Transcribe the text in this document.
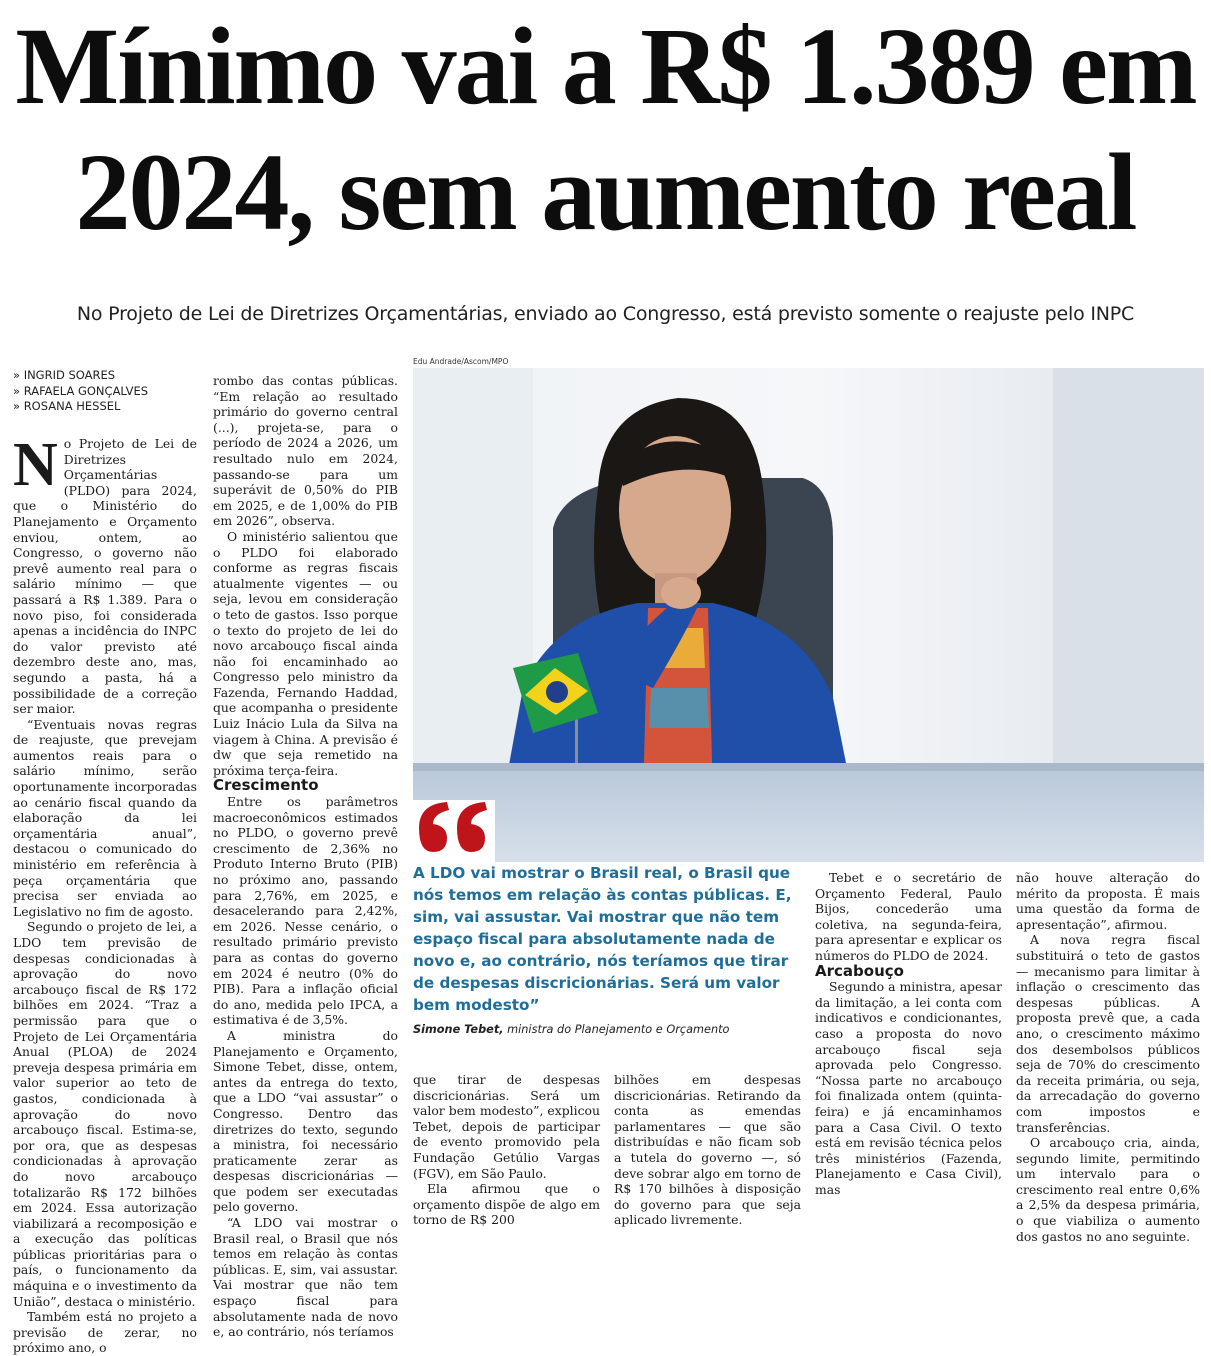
Mínimo vai a R$ 1.389 em
2024, sem aumento real
No Projeto de Lei de Diretrizes Orçamentárias, enviado ao Congresso, está previsto somente o reajuste pelo INPC
» INGRID SOARES
» RAFAELA GONÇALVES
» ROSANA HESSEL

No Projeto de Lei de Diretrizes Orçamentárias (PLDO) para 2024, que o Ministério do Planejamento e Orçamento enviou, ontem, ao Congresso, o governo não prevê aumento real para o salário mínimo — que passará a R$ 1.389. Para o novo piso, foi considerada apenas a incidência do INPC do valor previsto até dezembro deste ano, mas, segundo a pasta, há a possibilidade de a correção ser maior.

“Eventuais novas regras de reajuste, que prevejam aumentos reais para o salário mínimo, serão oportunamente incorporadas ao cenário fiscal quando da elaboração da lei orçamentária anual”, destacou o comunicado do ministério em referência à peça orçamentária que precisa ser enviada ao Legislativo no fim de agosto.

Segundo o projeto de lei, a LDO tem previsão de despesas condicionadas à aprovação do novo arcabouço fiscal de R$ 172 bilhões em 2024. “Traz a permissão para que o Projeto de Lei Orçamentária Anual (PLOA) de 2024 preveja despesa primária em valor superior ao teto de gastos, condicionada à aprovação do novo arcabouço fiscal. Estima-se, por ora, que as despesas condicionadas à aprovação do novo arcabouço totalizarão R$ 172 bilhões em 2024. Essa autorização viabilizará a recomposição e a execução das políticas públicas prioritárias para o país, o funcionamento da máquina e o investimento da União”, destaca o ministério.

Também está no projeto a previsão de zerar, no próximo ano, o

rombo das contas públicas. “Em relação ao resultado primário do governo central (...), projeta-se, para o período de 2024 a 2026, um resultado nulo em 2024, passando-se para um superávit de 0,50% do PIB em 2025, e de 1,00% do PIB em 2026”, observa.

O ministério salientou que o PLDO foi elaborado conforme as regras fiscais atualmente vigentes — ou seja, levou em consideração o teto de gastos. Isso porque o texto do projeto de lei do novo arcabouço fiscal ainda não foi encaminhado ao Congresso pelo ministro da Fazenda, Fernando Haddad, que acompanha o presidente Luiz Inácio Lula da Silva na viagem à China. A previsão é dw que seja remetido na próxima terça-feira.

Crescimento

Entre os parâmetros macroeconômicos estimados no PLDO, o governo prevê crescimento de 2,36% no Produto Interno Bruto (PIB) no próximo ano, passando para 2,76%, em 2025, e desacelerando para 2,42%, em 2026. Nesse cenário, o resultado primário previsto para as contas do governo em 2024 é neutro (0% do PIB). Para a inflação oficial do ano, medida pelo IPCA, a estimativa é de 3,5%.

A ministra do Planejamento e Orçamento, Simone Tebet, disse, ontem, antes da entrega do texto, que a LDO “vai assustar” o Congresso. Dentro das diretrizes do texto, segundo a ministra, foi necessário praticamente zerar as despesas discricionárias — que podem ser executadas pelo governo.

“A LDO vai mostrar o Brasil real, o Brasil que nós temos em relação às contas públicas. E, sim, vai assustar. Vai mostrar que não tem espaço fiscal para absolutamente nada de novo e, ao contrário, nós teríamos

Edu Andrade/Ascom/MPO
A LDO vai mostrar o Brasil real, o Brasil que nós temos em relação às contas públicas. E, sim, vai assustar. Vai mostrar que não tem espaço fiscal para absolutamente nada de novo e, ao contrário, nós teríamos que tirar de despesas discricionárias. Será um valor bem modesto”
Simone Tebet, ministra do Planejamento e Orçamento

que tirar de despesas discricionárias. Será um valor bem modesto”, explicou Tebet, depois de participar de evento promovido pela Fundação Getúlio Vargas (FGV), em São Paulo.

Ela afirmou que o orçamento dispõe de algo em torno de R$ 200

bilhões em despesas discricionárias. Retirando da conta as emendas parlamentares — que são distribuídas e não ficam sob a tutela do governo —, só deve sobrar algo em torno de R$ 170 bilhões à disposição do governo para que seja aplicado livremente.

Tebet e o secretário de Orçamento Federal, Paulo Bijos, concederão uma coletiva, na segunda-feira, para apresentar e explicar os números do PLDO de 2024.

Arcabouço

Segundo a ministra, apesar da limitação, a lei conta com indicativos e condicionantes, caso a proposta do novo arcabouço fiscal seja aprovada pelo Congresso. “Nossa parte no arcabouço foi finalizada ontem (quinta-feira) e já encaminhamos para a Casa Civil. O texto está em revisão técnica pelos três ministérios (Fazenda, Planejamento e Casa Civil), mas

não houve alteração do mérito da proposta. É mais uma questão da forma de apresentação”, afirmou.

A nova regra fiscal substituirá o teto de gastos — mecanismo para limitar à inflação o crescimento das despesas públicas. A proposta prevê que, a cada ano, o crescimento máximo dos desembolsos públicos seja de 70% do crescimento da receita primária, ou seja, da arrecadação do governo com impostos e transferências.

O arcabouço cria, ainda, segundo limite, permitindo um intervalo para o crescimento real entre 0,6% a 2,5% da despesa primária, o que viabiliza o aumento dos gastos no ano seguinte.
